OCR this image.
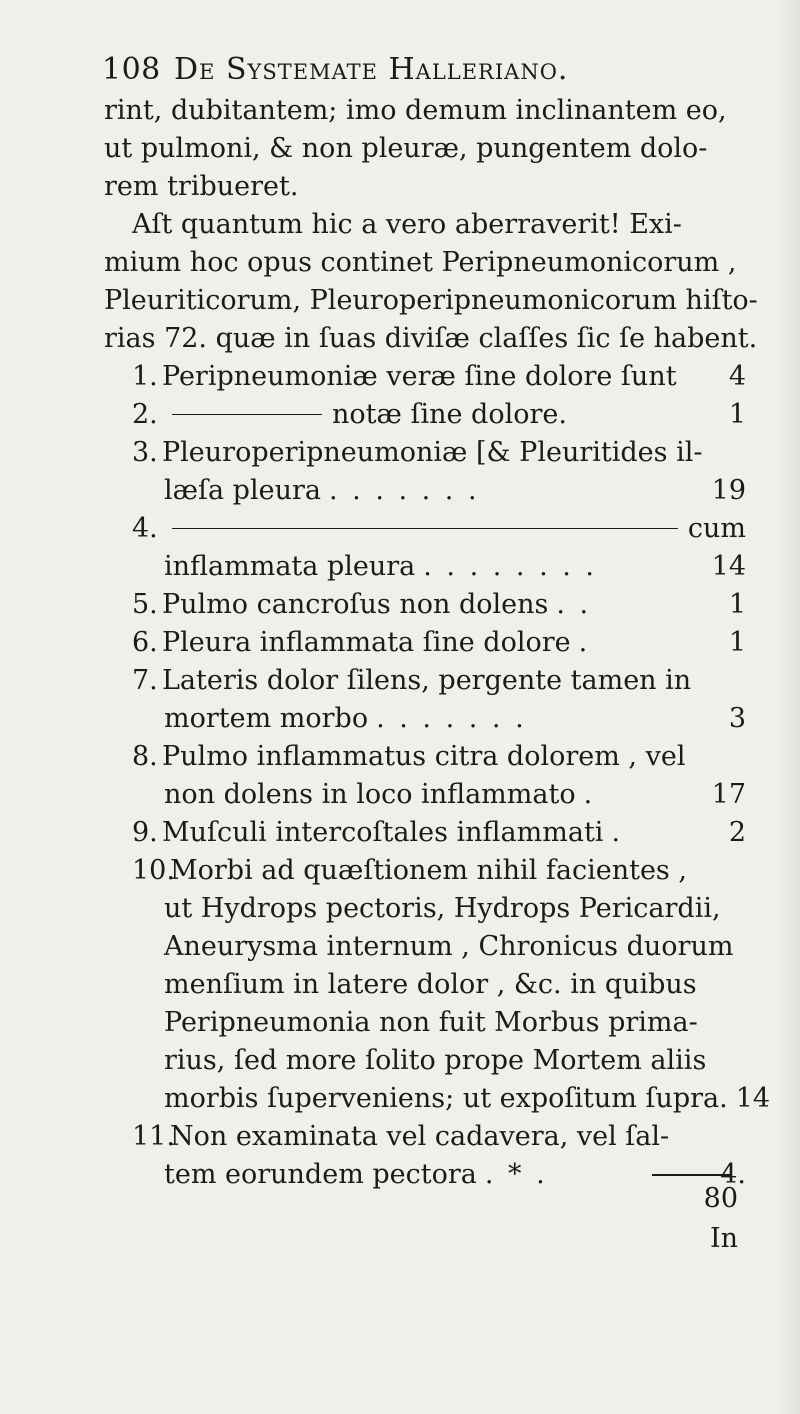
108 De Systemate Halleriano.
rint, dubitantem; imo demum inclinantem eo,
ut pulmoni, & non pleuræ, pungentem dolo-
rem tribueret.
Aſt quantum hic a vero aberraverit! Exi-
mium hoc opus continet Peripneumonicorum ,
Pleuriticorum, Pleuroperipneumonicorum hiſto-
rias 72. quæ in ſuas diviſæ claſſes ſic ſe habent.
1. Peripneumoniæ veræ ſine dolore ſunt	4
2.	notæ ſine dolore.	1
3. Pleuroperipneumoniæ [& Pleuritides il-
læſa pleura . . . . . . .	19
4.	cum
inflammata pleura . . . . . . . .	14
5. Pulmo cancroſus non dolens . .	1
6. Pleura inflammata ſine dolore .	1
7. Lateris dolor ſilens, pergente tamen in
mortem morbo . . . . . . .	3
8. Pulmo inflammatus citra dolorem , vel
non dolens in loco inflammato .	17
9. Muſculi intercoſtales inflammati .	2
10.
Morbi ad quæſtionem nihil facientes ,
ut Hydrops pectoris, Hydrops Pericardii,
Aneurysma internum , Chronicus duorum
menſium in latere dolor , &c. in quibus
Peripneumonia non fuit Morbus prima-
rius, ſed more ſolito prope Mortem aliis
morbis ſuperveniens; ut expoſitum ſupra. 14
11.
Non examinata vel cadavera, vel ſal-
tem eorundem pectora . * .	4.
80
In
